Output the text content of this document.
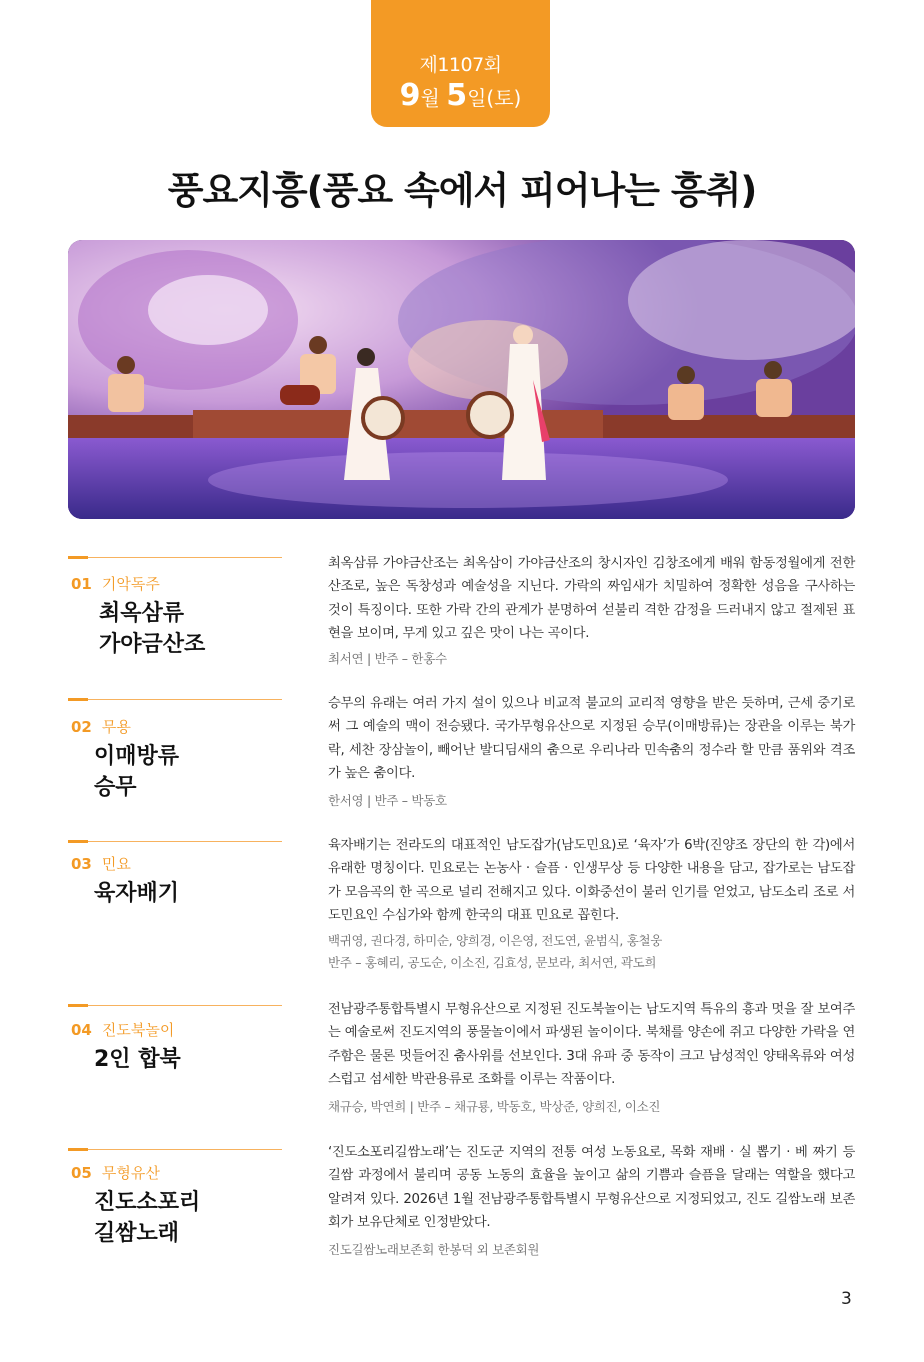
제1107회
9월 5일(토)
풍요지흥(풍요 속에서 피어나는 흥취)
01 기악독주
최옥삼류
가야금산조
최옥삼류 가야금산조는 최옥삼이 가야금산조의 창시자인 김창조에게 배워 함동정월에게 전한 산조로, 높은 독창성과 예술성을 지닌다. 가락의 짜임새가 치밀하여 정확한 성음을 구사하는 것이 특징이다. 또한 가락 간의 관계가 분명하여 섣불리 격한 감정을 드러내지 않고 절제된 표현을 보이며, 무게 있고 깊은 맛이 나는 곡이다.
최서연 | 반주 – 한홍수
02 무용
이매방류
승무
승무의 유래는 여러 가지 설이 있으나 비교적 불교의 교리적 영향을 받은 듯하며, 근세 중기로써 그 예술의 맥이 전승됐다. 국가무형유산으로 지정된 승무(이매방류)는 장관을 이루는 북가락, 세찬 장삼놀이, 빼어난 발디딤새의 춤으로 우리나라 민속춤의 정수라 할 만큼 품위와 격조가 높은 춤이다.
한서영 | 반주 – 박동호
03 민요
육자배기
육자배기는 전라도의 대표적인 남도잡가(남도민요)로 ‘육자’가 6박(진양조 장단의 한 각)에서 유래한 명칭이다. 민요로는 논농사 · 슬픔 · 인생무상 등 다양한 내용을 담고, 잡가로는 남도잡가 모음곡의 한 곡으로 널리 전해지고 있다. 이화중선이 불러 인기를 얻었고, 남도소리 조로 서도민요인 수심가와 함께 한국의 대표 민요로 꼽힌다.
백귀영, 권다경, 하미순, 양희경, 이은영, 전도연, 윤범식, 홍철웅
반주 – 홍혜리, 공도순, 이소진, 김효성, 문보라, 최서연, 곽도희
04 진도북놀이
2인 합북
전남광주통합특별시 무형유산으로 지정된 진도북놀이는 남도지역 특유의 흥과 멋을 잘 보여주는 예술로써 진도지역의 풍물놀이에서 파생된 놀이이다. 북채를 양손에 쥐고 다양한 가락을 연주함은 물론 멋들어진 춤사위를 선보인다. 3대 유파 중 동작이 크고 남성적인 양태옥류와 여성스럽고 섬세한 박관용류로 조화를 이루는 작품이다.
채규승, 박연희 | 반주 – 채규룡, 박동호, 박상준, 양희진, 이소진
05 무형유산
진도소포리
길쌈노래
‘진도소포리길쌈노래’는 진도군 지역의 전통 여성 노동요로, 목화 재배 · 실 뽑기 · 베 짜기 등 길쌈 과정에서 불리며 공동 노동의 효율을 높이고 삶의 기쁨과 슬픔을 달래는 역할을 했다고 알려져 있다. 2026년 1월 전남광주통합특별시 무형유산으로 지정되었고, 진도 길쌈노래 보존회가 보유단체로 인정받았다.
진도길쌈노래보존회 한봉덕 외 보존회원
3
